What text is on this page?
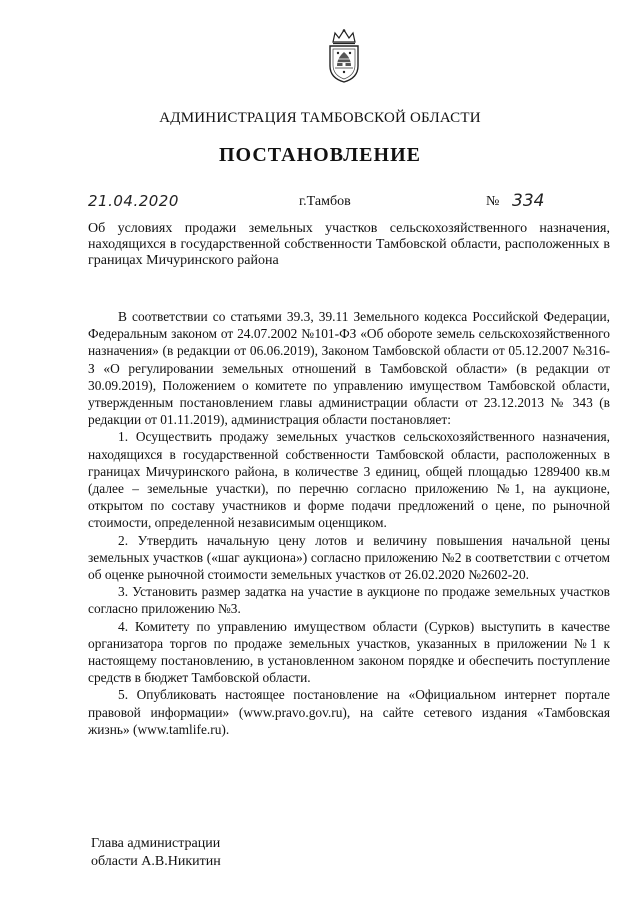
АДМИНИСТРАЦИЯ ТАМБОВСКОЙ ОБЛАСТИ
ПОСТАНОВЛЕНИЕ
21.04.2020	г.Тамбов	№ 334
Об условиях продажи земельных участков сельскохозяйственного назначения, находящихся в государственной собственности Тамбовской области, расположенных в границах Мичуринского района

В соответствии со статьями 39.3, 39.11 Земельного кодекса Российской Федерации, Федеральным законом от 24.07.2002 №101-ФЗ «Об обороте земель сельскохозяйственного назначения» (в редакции от 06.06.2019), Законом Тамбовской области от 05.12.2007 №316-З «О регулировании земельных отношений в Тамбовской области» (в редакции от 30.09.2019), Положением о комитете по управлению имуществом Тамбовской области, утвержденным постановлением главы администрации области от 23.12.2013 № 343 (в редакции от 01.11.2019), администрация области постановляет:

1. Осуществить продажу земельных участков сельскохозяйственного назначения, находящихся в государственной собственности Тамбовской области, расположенных в границах Мичуринского района, в количестве 3 единиц, общей площадью 1289400 кв.м (далее – земельные участки), по перечню согласно приложению №1, на аукционе, открытом по составу участников и форме подачи предложений о цене, по рыночной стоимости, определенной независимым оценщиком.

2. Утвердить начальную цену лотов и величину повышения начальной цены земельных участков («шаг аукциона») согласно приложению №2 в соответствии с отчетом об оценке рыночной стоимости земельных участков от 26.02.2020 №2602-20.

3. Установить размер задатка на участие в аукционе по продаже земельных участков согласно приложению №3.

4. Комитету по управлению имуществом области (Сурков) выступить в качестве организатора торгов по продаже земельных участков, указанных в приложении №1 к настоящему постановлению, в установленном законом порядке и обеспечить поступление средств в бюджет Тамбовской области.

5. Опубликовать настоящее постановление на «Официальном интернет портале правовой информации» (www.pravo.gov.ru), на сайте сетевого издания «Тамбовская жизнь» (www.tamlife.ru).

Глава администрации
области А.В.Никитин
